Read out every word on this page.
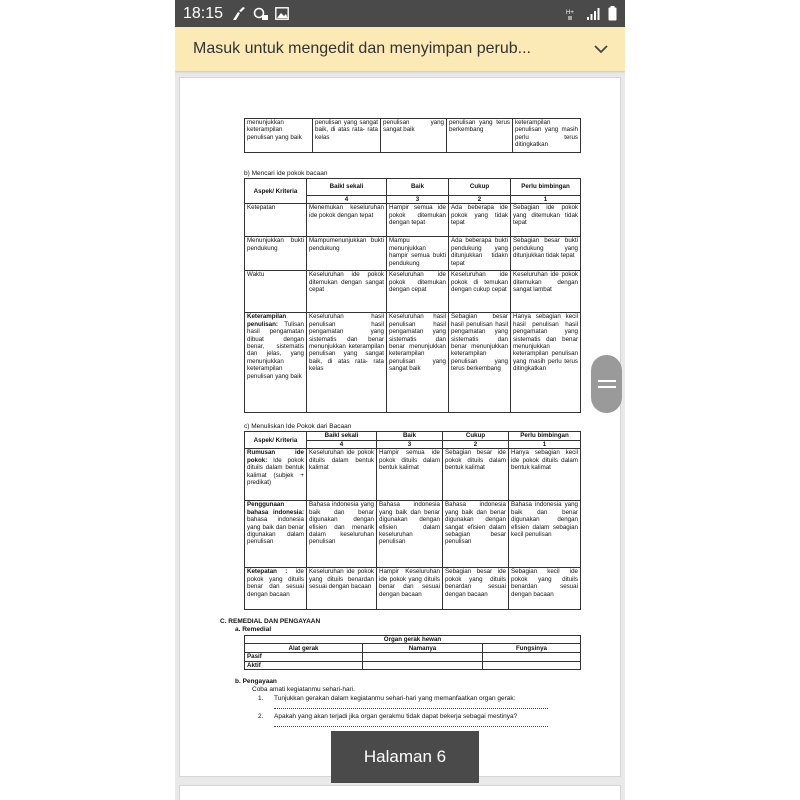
18:15	H+
Masuk untuk mengedit dan menyimpan perub...
menunjukkan keterampilan penulisan yang baik	penulisan yang sangat baik, di atas rata- rata kelas	penulisan yang sangat baik	penulisan yang terus berkembang	keterampilan penulisan yang masih perlu terus ditingkatkan
b) Mencari ide pokok bacaan
Aspek/ Kriteria	Baikl sekali	Baik	Cukup	Perlu bimbingan
	4	3	2	1
Ketepatan	Menemukan keseluruhan ide pokok dengan tepat	Hampir semua ide pokok ditemukan dengan tepat	Ada beberapa ide pokok yang tidak tepat	Sebagian ide pokok yang ditemukan tidak tepat
Menunjukkan bukti pendukung	Mampumenunjukkan bukti pendukung	Mampu menunjukkan hampir semua bukti pendukung	Ada beberapa bukti pendukung yang ditunjukkan tidakn tepat	Sebagian besar bukti pendukung yang ditunjukkan tidak tepat
Waktu	Keseluruhan ide pokok ditemukan dengan sangat cepat	Keseluruhan ide pokok ditemukan dengan cepat	Keseluruhan ide pokok di temukan dengan cukup cepat	Keseluruhan ide pokok ditemukan dengan sangat lambat
Keterampilan penulisan: Tulisan hasil pengamatan dibuat dengan benar, sistematis dan jelas, yang menunjukkan keterampilan penulisan yang baik	Keseluruhan hasil penulisan hasil pengamatan yang sistematis dan benar menunjukkan keterampilan penulisan yang sangat baik, di atas rata- rata kelas	Keseluruhan hasil penulisan hasil pengamatan yang sistematis dan benar menunjukkan keterampilan penulisan yang sangat baik	Sebagian besar hasil penulisan hasil pengamatan yang sistematis dan benar menunjukkan keterampilan penulisan yang terus berkembang	Hanya sebagian kecil hasil penulisan hasil pengamatan yang sistematis dan benar menunjukkan keterampilan penulisan yang masih perlu terus ditingkatkan
c) Menuliskan Ide Pokok dari Bacaan
Aspek/ Kriteria	Baikl sekali	Baik	Cukup	Perlu bimbingan
	4	3	2	1
Rumusan ide pokok: Ide pokok dituils dalam bentuk kalimat (subjek + predikat)	Keseluruhan ide pokok dituils dalam bentuk kalimat	Hampir semua ide pokok dituils dalam bentuk kalimat	Sebagian besar ide pokok dituils dalam bentuk kalimat	Hanya sebagian kecil ide pokok dituils dalam bentuk kalimat
Penggunaan bahasa indonesia: bahasa indonesia yang baik dan benar digunakan dalam penulisan	Bahasa indonesia yang baik dan benar digunakan dengan efisien dan menarik dalam keseluruhan penulisan	Bahasa indonesia yang baik dan benar digunakan dengan efisien dalam keseluruhan penulisan	Bahasa indonesia yang baik dan benar digunakan dengan sangat efisien dalam sebagian besar penulisan	Bahasa indonesia yang baik dan benar digunakan dengan efisien dalam sebagian kecil penulisan
Ketepatan : ide pokok yang dituils benar dan sesuai dengan bacaan	Keseluruhan ide pokok yang dituils benardan sesuai dengan bacaan	Hampir Keseluruhan ide pokok yang dituils benar dan sesuai dengan bacaan	Sebagian besar ide pokok yang dituils benardan sesuai dengan bacaan	Sebagian kecil ide pokok yang dituils benardan sesuai dengan bacaan
C. REMEDIAL DAN PENGAYAAN
a. Remedial
Organ gerak hewan		
Alat gerak	Namanya	Fungsinya
Pasif		
Aktif		
b. Pengayaan
Coba amati kegiatanmu sehari-hari.
1. Tunjukkan gerakan dalam kegiatanmu sehari-hari yang memanfaatkan organ gerak:
2. Apakah yang akan terjadi jika organ gerakmu tidak dapat bekerja sebagai mestinya?
Halaman 6
